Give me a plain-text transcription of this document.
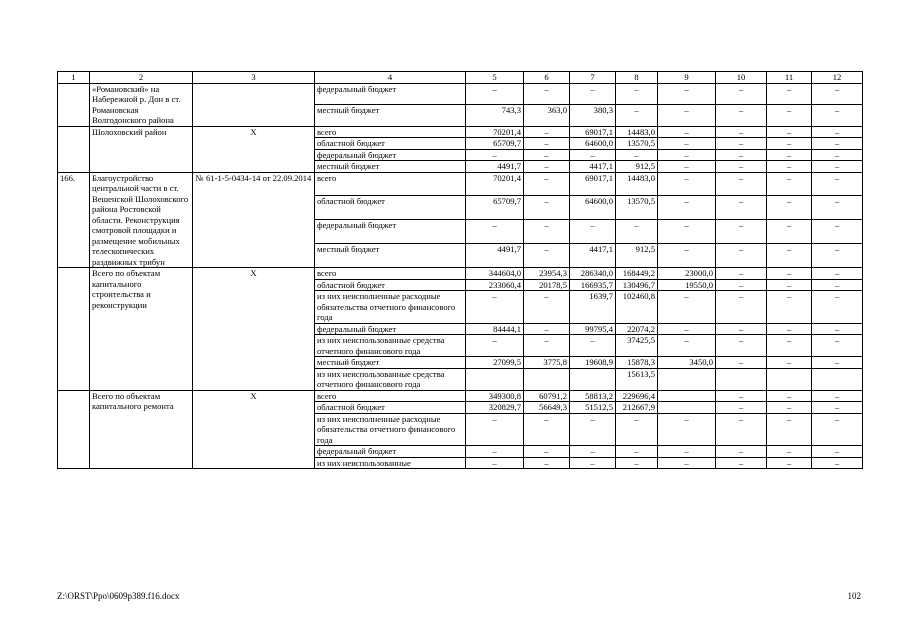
1	2	3	4	5	6	7	8	9	10	11	12
	«Романовский» на Набережной р. Дон в ст. Романовская Волгодонского района		федеральный бюджет	–	–	–	–	–	–	–	–
			местный бюджет	743,3	363,0	380,3	–	–	–	–	–
	Шолоховский район	Х	всего	70201,4	–	69017,1	14483,0	–	–	–	–
			областной бюджет	65709,7	–	64600,0	13570,5	–	–	–	–
			федеральный бюджет	–	–	–	–	–	–	–	–
			местный бюджет	4491,7	–	4417,1	912,5	–	–	–	–
166.	Благоустройство центральной части в ст. Вешенской Шолоховского района Ростовской области. Реконструкция смотровой площадки и размещение мобильных телескопических раздвижных трибун	№ 61-1-5-0434-14 от 22.09.2014	всего	70201,4	–	69017,1	14483,0	–	–	–	–
			областной бюджет	65709,7	–	64600,0	13570,5	–	–	–	–
			федеральный бюджет	–	–	–	–	–	–	–	–
			местный бюджет	4491,7	–	4417,1	912,5	–	–	–	–
	Всего по объектам капитального строительства и реконструкции	Х	всего	344604,0	23954,3	286340,0	168449,2	23000,0	–	–	–
			областной бюджет	233060,4	20178,5	166935,7	130496,7	19550,0	–	–	–
			из них неисполненные расходные обязательства отчетного финансового года	–	–	1639,7	102460,8	–	–	–	–
			федеральный бюджет	84444,1	–	99795,4	22074,2	–	–	–	–
			из них неиспользованные средства отчетного финансового года	–	–	–	37425,5	–	–	–	–
			местный бюджет	27099,5	3775,8	19608,9	15878,3	3450,0	–	–	–
			из них неиспользованные средства отчетного финансового года				15613,5				
	Всего по объектам капитального ремонта	Х	всего	349300,8	60791,2	58813,2	229696,4		–	–	–
			областной бюджет	320829,7	56649,3	51512,5	212667,9		–	–	–
			из них неисполненные расходные обязательства отчетного финансового года	–	–	–	–	–	–	–	–
			федеральный бюджет	–	–	–	–	–	–	–	–
			из них неиспользованные	–	–	–	–	–	–	–	–
Z:\ORST\Ppo\0609p389.f16.docx	102
